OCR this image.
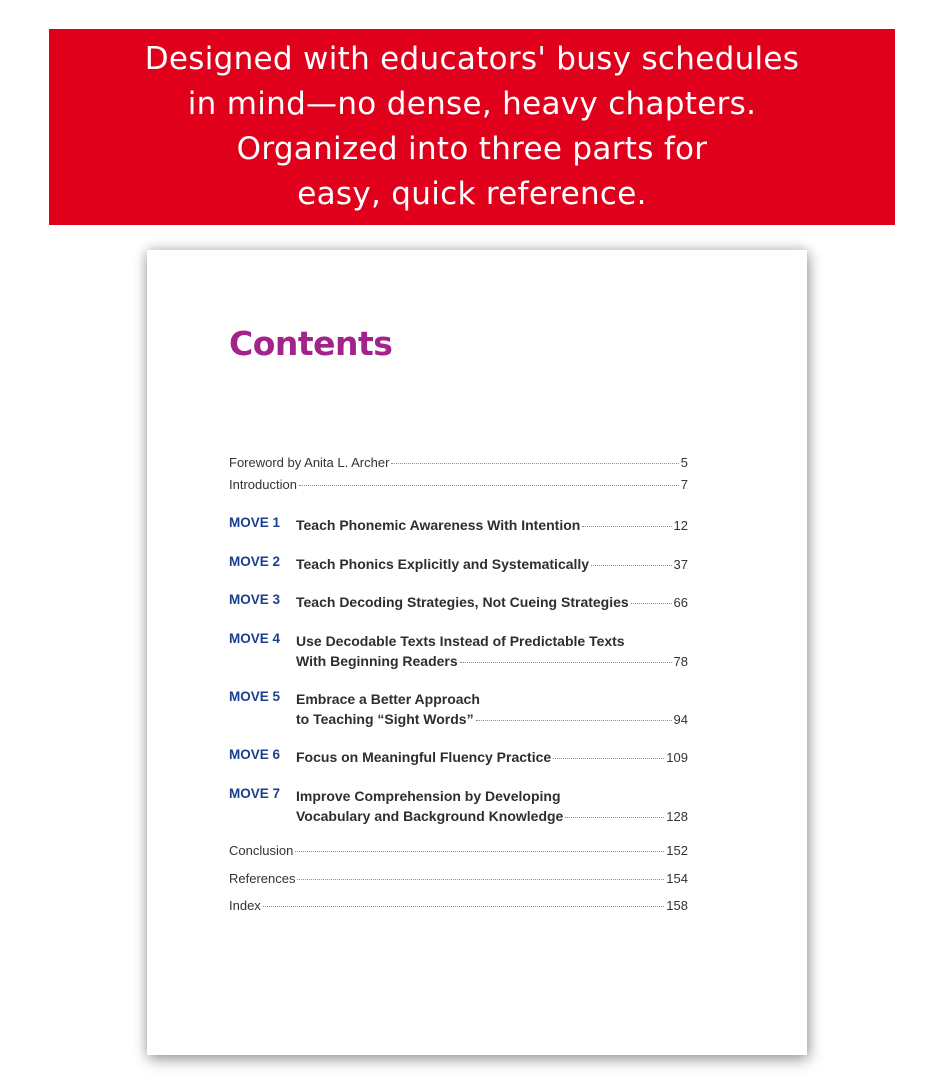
Designed with educators' busy schedules
in mind—no dense, heavy chapters.
Organized into three parts for
easy, quick reference.
Contents
Foreword by Anita L. Archer	5
Introduction	7
MOVE 1 Teach Phonemic Awareness With Intention	12
MOVE 2 Teach Phonics Explicitly and Systematically	37
MOVE 3 Teach Decoding Strategies, Not Cueing Strategies	66
MOVE 4 Use Decodable Texts Instead of Predictable Texts
With Beginning Readers	78
MOVE 5 Embrace a Better Approach
to Teaching “Sight Words”	94
MOVE 6 Focus on Meaningful Fluency Practice	109
MOVE 7 Improve Comprehension by Developing
Vocabulary and Background Knowledge	128
Conclusion	152
References	154
Index	158
